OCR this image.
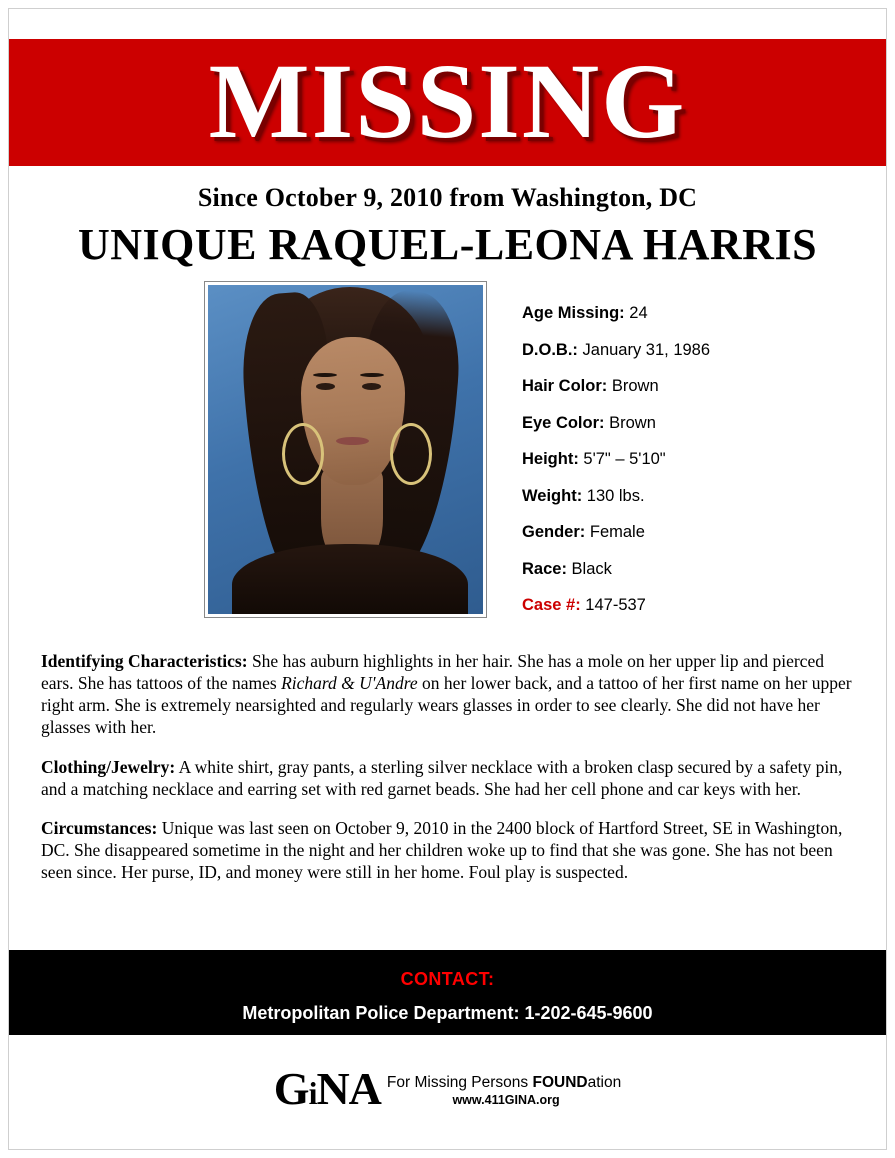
MISSING
Since October 9, 2010 from Washington, DC
UNIQUE RAQUEL-LEONA HARRIS
Age Missing: 24
D.O.B.: January 31, 1986
Hair Color: Brown
Eye Color: Brown
Height: 5'7" – 5'10"
Weight: 130 lbs.
Gender: Female
Race: Black
Case #: 147-537

Identifying Characteristics: She has auburn highlights in her hair. She has a mole on her upper lip and pierced ears. She has tattoos of the names Richard & U'Andre on her lower back, and a tattoo of her first name on her upper right arm. She is extremely nearsighted and regularly wears glasses in order to see clearly. She did not have her glasses with her.

Clothing/Jewelry: A white shirt, gray pants, a sterling silver necklace with a broken clasp secured by a safety pin, and a matching necklace and earring set with red garnet beads. She had her cell phone and car keys with her.

Circumstances: Unique was last seen on October 9, 2010 in the 2400 block of Hartford Street, SE in Washington, DC. She disappeared sometime in the night and her children woke up to find that she was gone. She has not been seen since. Her purse, ID, and money were still in her home. Foul play is suspected.

CONTACT:
Metropolitan Police Department: 1-202-645-9600
GiNA For Missing Persons FOUNDation
www.411GINA.org
